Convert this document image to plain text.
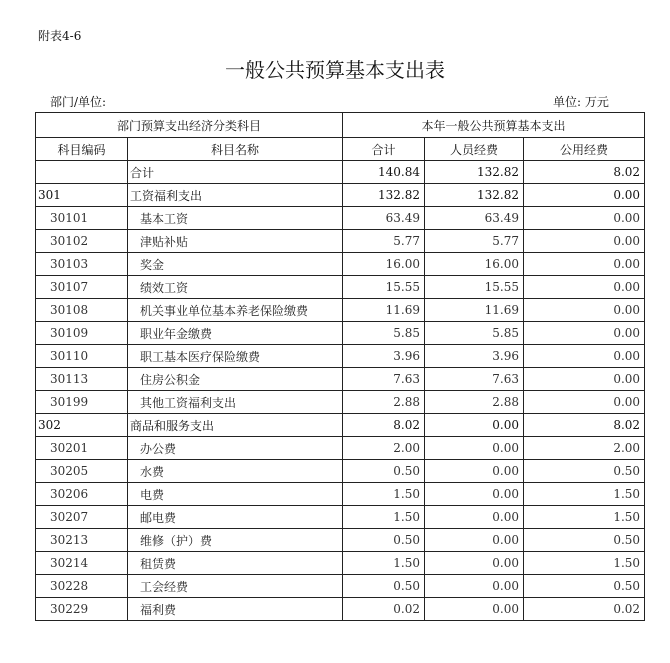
附表4-6
一般公共预算基本支出表
部门/单位:	单位: 万元
部门预算支出经济分类科目		本年一般公共预算基本支出		
科目编码	科目名称	合计	人员经费	公用经费
	合计	140.84	132.82	8.02
301	工资福利支出	132.82	132.82	0.00
30101	基本工资	63.49	63.49	0.00
30102	津贴补贴	5.77	5.77	0.00
30103	奖金	16.00	16.00	0.00
30107	绩效工资	15.55	15.55	0.00
30108	机关事业单位基本养老保险缴费	11.69	11.69	0.00
30109	职业年金缴费	5.85	5.85	0.00
30110	职工基本医疗保险缴费	3.96	3.96	0.00
30113	住房公积金	7.63	7.63	0.00
30199	其他工资福利支出	2.88	2.88	0.00
302	商品和服务支出	8.02	0.00	8.02
30201	办公费	2.00	0.00	2.00
30205	水费	0.50	0.00	0.50
30206	电费	1.50	0.00	1.50
30207	邮电费	1.50	0.00	1.50
30213	维修（护）费	0.50	0.00	0.50
30214	租赁费	1.50	0.00	1.50
30228	工会经费	0.50	0.00	0.50
30229	福利费	0.02	0.00	0.02
